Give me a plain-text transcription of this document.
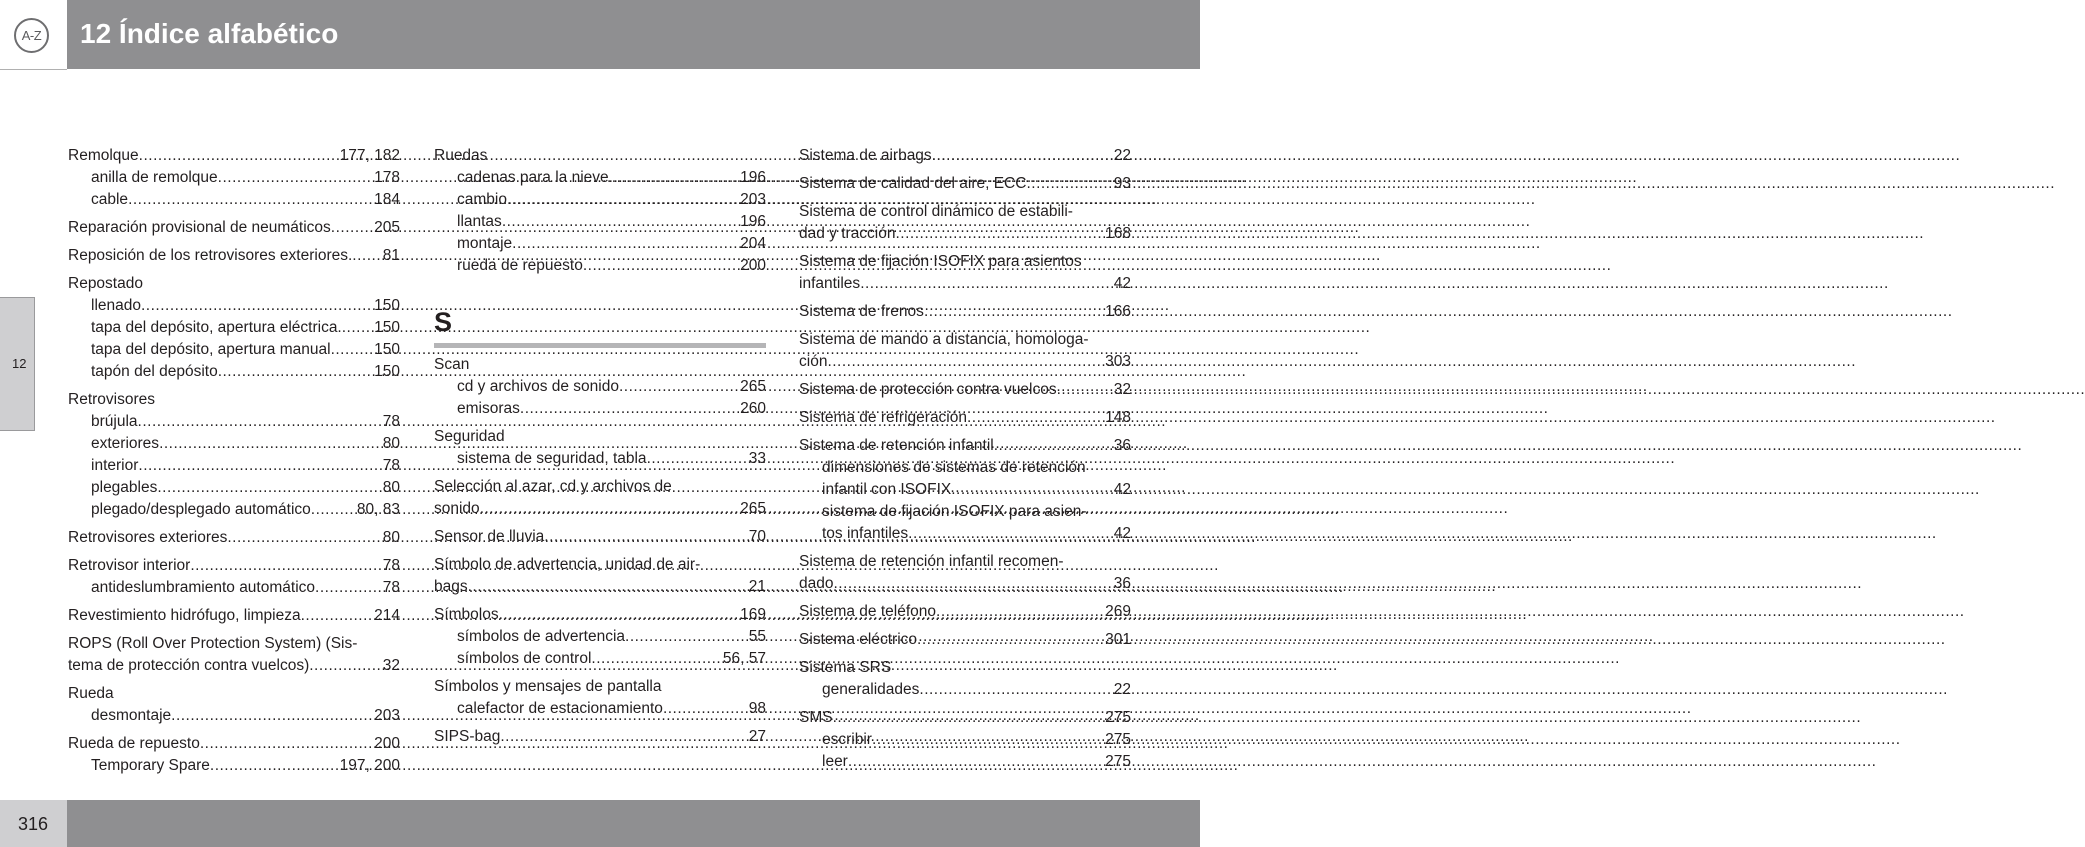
A-Z 12 Índice alfabético
12
Remolque .....	177, 182
anilla de remolque .....	178
cable .....	184
Reparación provisional de neumáticos .....	205
Reposición de los retrovisores exteriores. .....	81
Repostado
llenado .....	150
tapa del depósito, apertura eléctrica. .....	150
tapa del depósito, apertura manual .....	150
tapón del depósito .....	150
Retrovisores
brújula .....	78
exteriores .....	80
interior .....	78
plegables .....	80
plegado/desplegado automático .....	80, 83
Retrovisores exteriores .....	80
Retrovisor interior .....	78
antideslumbramiento automático .....	78
Revestimiento hidrófugo, limpieza .....	214
ROPS (Roll Over Protection System) (Sis-
tema de protección contra vuelcos) .....	32
Rueda
desmontaje .....	203
Rueda de repuesto .....	200
Temporary Spare .....	197, 200
Ruedas
cadenas para la nieve .....	196
cambio .....	203
llantas .....	196
montaje .....	204
rueda de repuesto .....	200
S
Scan
cd y archivos de sonido .....	265
emisoras .....	260
Seguridad
sistema de seguridad, tabla .....	33
Selección al azar, cd y archivos de
sonido .....	265
Sensor de lluvia .....	70
Símbolo de advertencia, unidad de air-
bags .....	21
Símbolos .....	169
símbolos de advertencia .....	55
símbolos de control .....	56, 57
Símbolos y mensajes de pantalla
calefactor de estacionamiento .....	98
SIPS-bag .....	27
Sistema de airbags .....	22
Sistema de calidad del aire, ECC .....	93
Sistema de control dinámico de estabili-
dad y tracción .....	168
Sistema de fijación ISOFIX para asientos
infantiles .....	42
Sistema de frenos .....	166
Sistema de mando a distancia, homologa-
ción .....	303
Sistema de protección contra vuelcos .....	32
Sistema de refrigeración .....	148
Sistema de retención infantil .....	36
dimensiones de sistemas de retención
infantil con ISOFIX .....	42
sistema de fijación ISOFIX para asien-
tos infantiles .....	42
Sistema de retención infantil recomen-
dado .....	36
Sistema de teléfono .....	269
Sistema eléctrico .....	301
Sistema SRS
generalidades .....	22
SMS .....	275
escribir .....	275
leer .....	275
316
